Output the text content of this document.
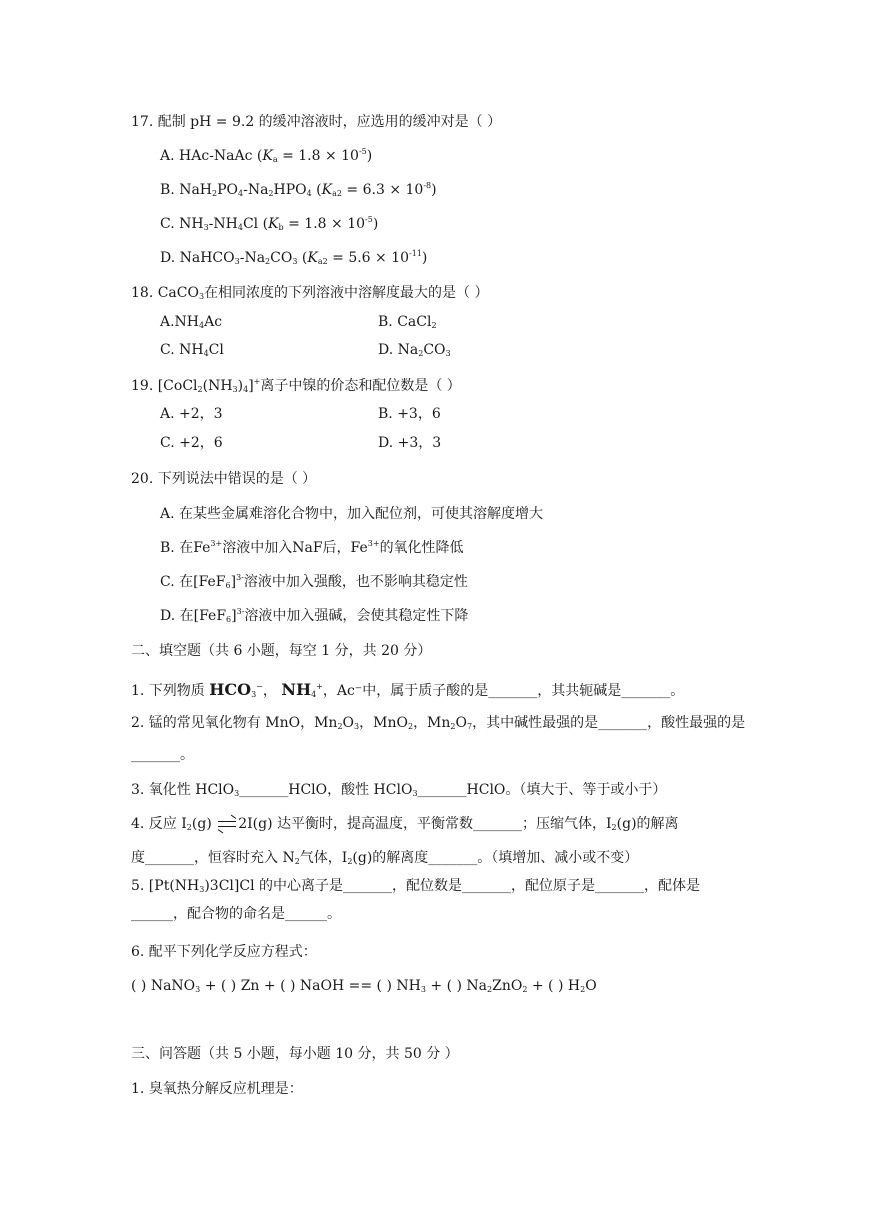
17. 配制 pH = 9.2 的缓冲溶液时，应选用的缓冲对是（ ）
A. HAc-NaAc $(K_a = 1.8 \times 10^{-5})$
B. $NaH_2PO_4-Na_2HPO_4$ $(K_{a2} = 6.3 \times 10^{-8})$
C. $NH_3-NH_4Cl$ $(K_b = 1.8 \times 10^{-5})$
D. $NaHCO_3-Na_2CO_3$ $(K_{a2} = 5.6 \times 10^{-11})$
18. CaCO$_3$在相同浓度的下列溶液中溶解度最大的是（ ）
$A.NH_4Ac$	B. CaCl$_2$
C. $NH_4Cl$	D. $Na_2CO_3$
19. $[CoCl_2(NH_3)_4]^+$离子中镍的价态和配位数是（ ）
A. +2，3	B. +3，6
C. +2，6	D. +3，3
20. 下列说法中错误的是（ ）
A. 在某些金属难溶化合物中，加入配位剂，可使其溶解度增大
B. 在$Fe^{3+}$溶液中加入NaF后，$Fe^{3+}$的氧化性降低
C. 在$[FeF_6]^{3-}$溶液中加入强酸，也不影响其稳定性
D. 在$[FeF_6]^{3-}$溶液中加入强碱，会使其稳定性下降
二、填空题（共 6 小题，每空 1 分，共 20 分）
1. 下列物质 $HCO_3^-$， $NH_4^+$，Ac⁻中，属于质子酸的是_______，其共轭碱是_______。
2. 锰的常见氧化物有 MnO，$Mn_2O_3$，MnO$_2$，$Mn_2O_7$，其中碱性最强的是_______，酸性最强的是
_______。
3. 氧化性 HClO$_3$_______HClO，酸性 HClO$_3$_______HClO。（填大于、等于或小于）
4. 反应 $I_2(g)$
2I(g) 达平衡时，提高温度，平衡常数_______；压缩气体，$I_2(g)$的解离
度_______，恒容时充入 $N_2$气体，$I_2(g)$的解离度_______。（填增加、减小或不变）
5. $[Pt(NH_3)3Cl]Cl$ 的中心离子是_______，配位数是_______，配位原子是_______，配体是
______，配合物的命名是______。
6. 配平下列化学反应方程式：
( ) NaNO$_3$ + ( ) Zn + ( ) NaOH == ( ) $NH_3$ + ( ) $Na_2ZnO_2$ + ( ) $H_2O$
三、问答题（共 5 小题，每小题 10 分，共 50 分 ）
1. 臭氧热分解反应机理是：
